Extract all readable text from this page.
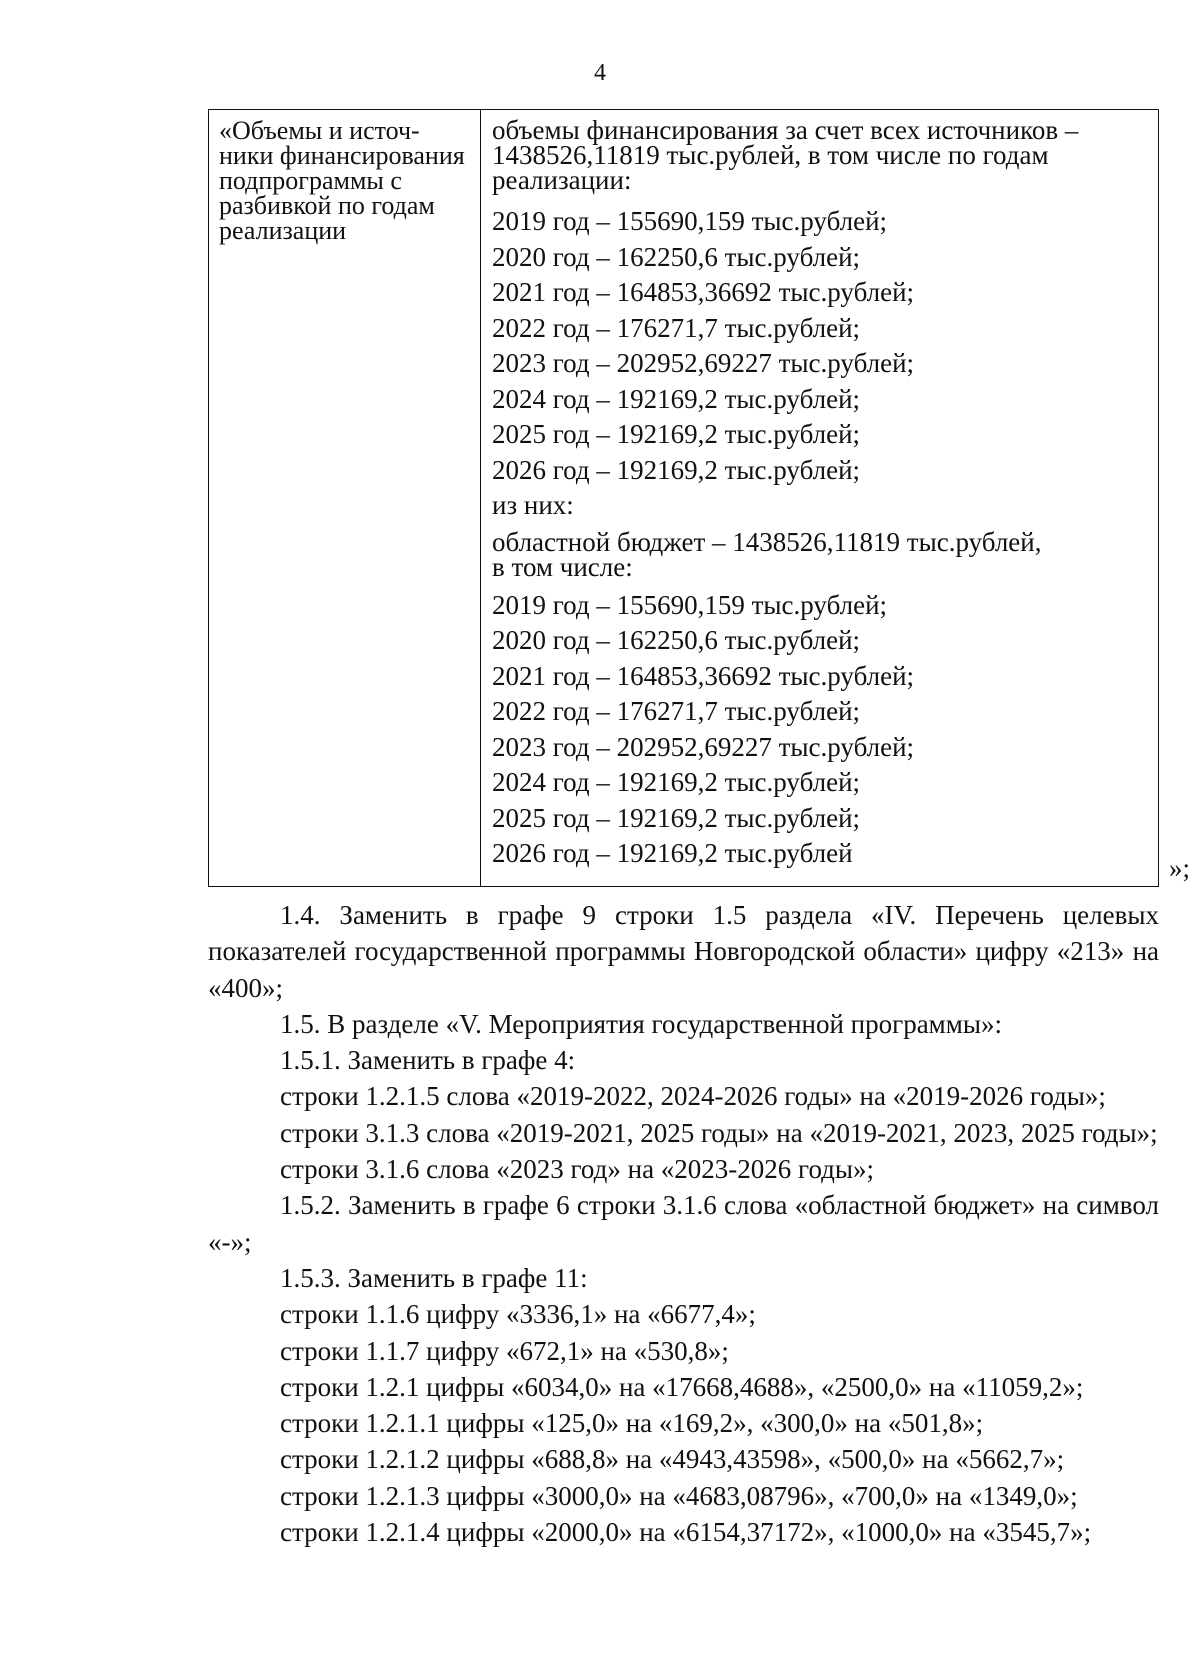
4
«Объемы и источ-
ники финансирования
подпрограммы с
разбивкой по годам
реализации
объемы финансирования за счет всех источников –
1438526,11819 тыс.рублей, в том числе по годам
реализации:
2019 год – 155690,159 тыс.рублей;
2020 год – 162250,6 тыс.рублей;
2021 год – 164853,36692 тыс.рублей;
2022 год – 176271,7 тыс.рублей;
2023 год – 202952,69227 тыс.рублей;
2024 год – 192169,2 тыс.рублей;
2025 год – 192169,2 тыс.рублей;
2026 год – 192169,2 тыс.рублей;
из них:
областной бюджет – 1438526,11819 тыс.рублей,
в том числе:
2019 год – 155690,159 тыс.рублей;
2020 год – 162250,6 тыс.рублей;
2021 год – 164853,36692 тыс.рублей;
2022 год – 176271,7 тыс.рублей;
2023 год – 202952,69227 тыс.рублей;
2024 год – 192169,2 тыс.рублей;
2025 год – 192169,2 тыс.рублей;
2026 год – 192169,2 тыс.рублей	»;
1.4. Заменить в графе 9 строки 1.5 раздела «IV. Перечень целевых показателей государственной программы Новгородской области» цифру «213» на «400»;
1.5. В разделе «V. Мероприятия государственной программы»:
1.5.1. Заменить в графе 4:
строки 1.2.1.5 слова «2019-2022, 2024-2026 годы» на «2019-2026 годы»;
строки 3.1.3 слова «2019-2021, 2025 годы» на «2019-2021, 2023, 2025 годы»;
строки 3.1.6 слова «2023 год» на «2023-2026 годы»;
1.5.2. Заменить в графе 6 строки 3.1.6 слова «областной бюджет» на символ «-»;
1.5.3. Заменить в графе 11:
строки 1.1.6 цифру «3336,1» на «6677,4»;
строки 1.1.7 цифру «672,1» на «530,8»;
строки 1.2.1 цифры «6034,0» на «17668,4688», «2500,0» на «11059,2»;
строки 1.2.1.1 цифры «125,0» на «169,2», «300,0» на «501,8»;
строки 1.2.1.2 цифры «688,8» на «4943,43598», «500,0» на «5662,7»;
строки 1.2.1.3 цифры «3000,0» на «4683,08796», «700,0» на «1349,0»;
строки 1.2.1.4 цифры «2000,0» на «6154,37172», «1000,0» на «3545,7»;
